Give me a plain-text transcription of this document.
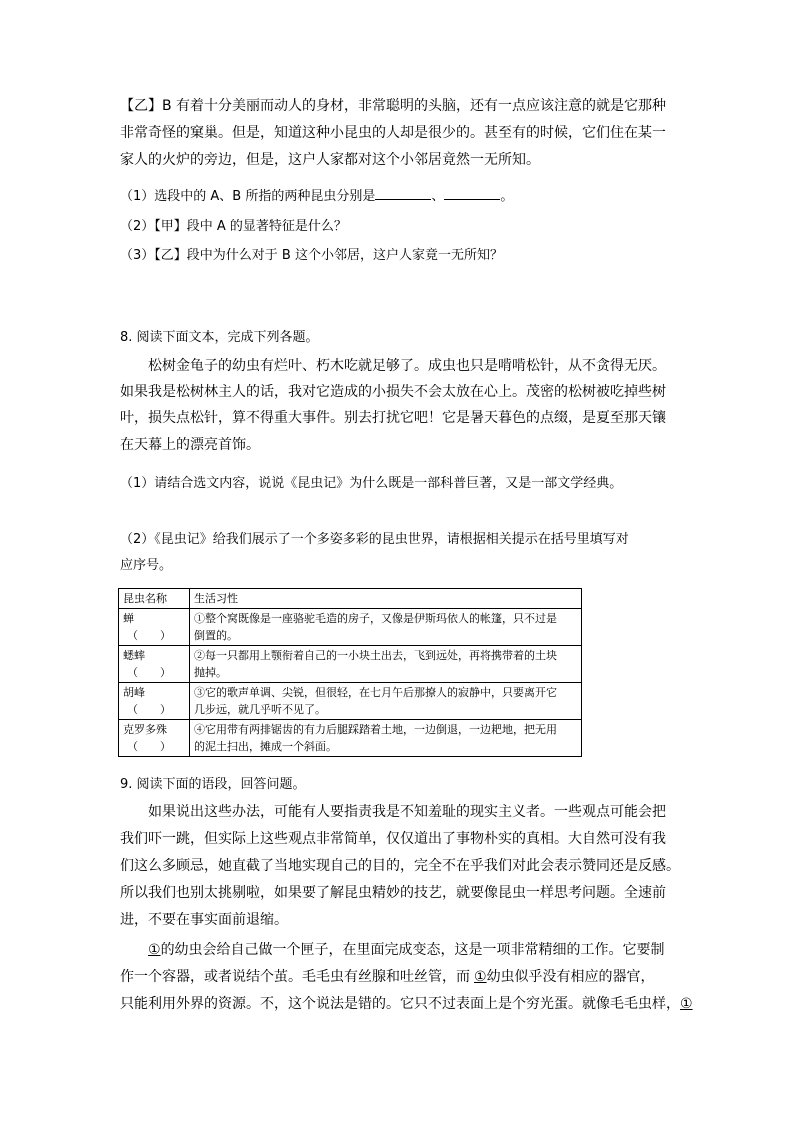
【乙】B 有着十分美丽而动人的身材，非常聪明的头脑，还有一点应该注意的就是它那种
非常奇怪的窠巢。但是，知道这种小昆虫的人却是很少的。甚至有的时候，它们住在某一
家人的火炉的旁边，但是，这户人家都对这个小邻居竟然一无所知。
（1）选段中的 A、B 所指的两种昆虫分别是	、	。
（2）【甲】段中 A 的显著特征是什么？
（3）【乙】段中为什么对于 B 这个小邻居，这户人家竟一无所知？
8. 阅读下面文本，完成下列各题。
松树金龟子的幼虫有烂叶、朽木吃就足够了。成虫也只是啃啃松针，从不贪得无厌。
如果我是松树林主人的话，我对它造成的小损失不会太放在心上。茂密的松树被吃掉些树
叶，损失点松针，算不得重大事件。别去打扰它吧！它是暑天暮色的点缀，是夏至那天镶
在天幕上的漂亮首饰。
（1）请结合选文内容，说说《昆虫记》为什么既是一部科普巨著，又是一部文学经典。
（2）《昆虫记》给我们展示了一个多姿多彩的昆虫世界，请根据相关提示在括号里填写对
应序号。
昆虫名称	生活习性
蝉
（　　）	①整个窝既像是一座骆驼毛造的房子，又像是伊斯玛依人的帐篷，只不过是
倒置的。
蟋蟀
（　　）	②每一只都用上颚衔着自己的一小块土出去，飞到远处，再将携带着的土块
抛掉。
胡峰
（　　）	③它的歌声单调、尖锐，但很轻，在七月午后那撩人的寂静中，只要离开它
几步远，就几乎听不见了。
克罗多殊
（　　）	④它用带有两排锯齿的有力后腿踩踏着土地，一边倒退，一边耙地，把无用
的泥土扫出，摊成一个斜面。
9. 阅读下面的语段，回答问题。
如果说出这些办法，可能有人要指责我是不知羞耻的现实主义者。一些观点可能会把
我们吓一跳，但实际上这些观点非常简单，仅仅道出了事物朴实的真相。大自然可没有我
们这么多顾忌，她直截了当地实现自己的目的，完全不在乎我们对此会表示赞同还是反感。
所以我们也别太挑剔啦，如果要了解昆虫精妙的技艺，就要像昆虫一样思考问题。全速前
进，不要在事实面前退缩。
①的幼虫会给自己做一个匣子，在里面完成变态，这是一项非常精细的工作。它要制
作一个容器，或者说结个茧。毛毛虫有丝腺和吐丝管，而 ①幼虫似乎没有相应的器官，
只能利用外界的资源。不，这个说法是错的。它只不过表面上是个穷光蛋。就像毛毛虫样，①
